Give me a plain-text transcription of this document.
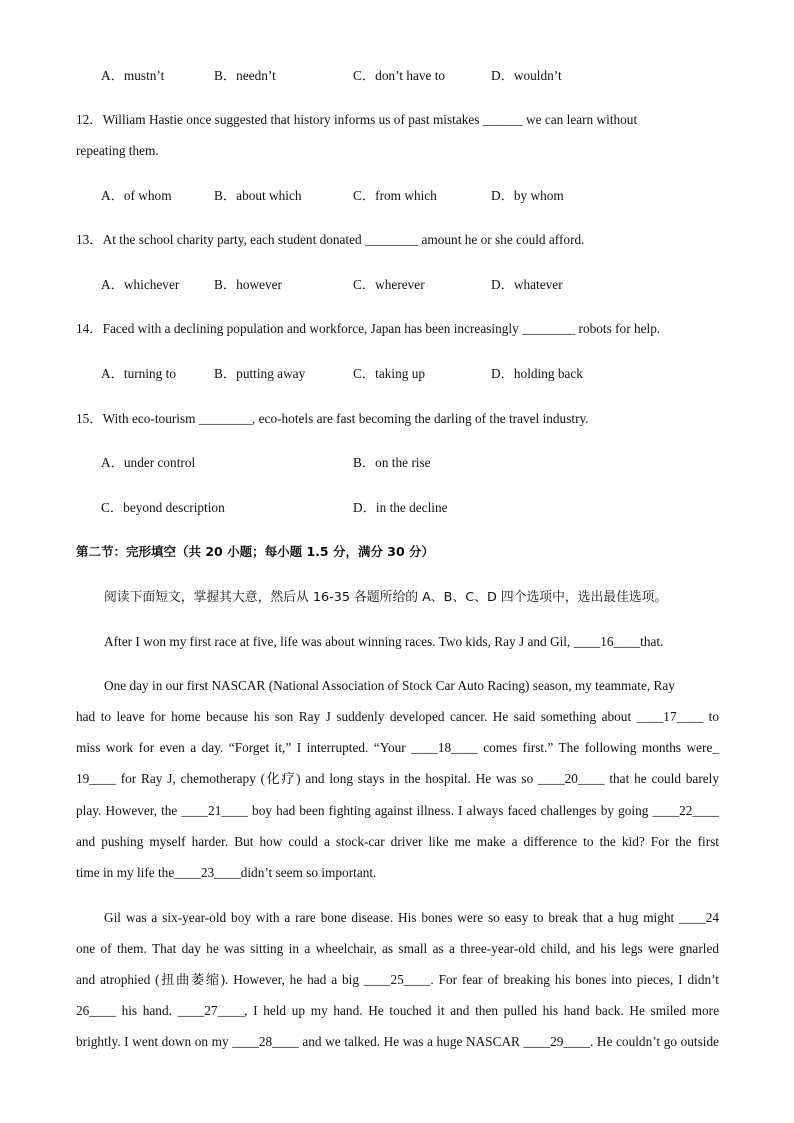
A．mustn’t	B．needn’t	C．don’t have to	D．wouldn’t
12．William Hastie once suggested that history informs us of past mistakes ______ we can learn without
repeating them.
A．of whom	B．about which	C．from which	D．by whom
13．At the school charity party, each student donated ________ amount he or she could afford.
A．whichever	B．however	C．wherever	D．whatever
14．Faced with a declining population and workforce, Japan has been increasingly ________ robots for help.
A．turning to	B．putting away	C．taking up	D．holding back
15．With eco-tourism ________, eco-hotels are fast becoming the darling of the travel industry.
A．under control	B．on the rise
C．beyond description	D．in the decline
第二节：完形填空（共 20 小题；每小题 1.5 分，满分 30 分）
阅读下面短文，掌握其大意，然后从 16-35 各题所给的 A、B、C、D 四个选项中，选出最佳选项。
After I won my first race at five, life was about winning races. Two kids, Ray J and Gil, ____16____that.
One day in our first NASCAR (National Association of Stock Car Auto Racing) season, my teammate, Ray
had to leave for home because his son Ray J suddenly developed cancer. He said something about ____17____ to
miss work for even a day. “Forget it,” I interrupted. “Your ____18____ comes first.” The following months were_
19____ for Ray J, chemotherapy (化疗) and long stays in the hospital. He was so ____20____ that he could barely
play. However, the ____21____ boy had been fighting against illness. I always faced challenges by going ____22____
and pushing myself harder. But how could a stock-car driver like me make a difference to the kid? For the first
time in my life the____23____didn’t seem so important.
Gil was a six-year-old boy with a rare bone disease. His bones were so easy to break that a hug might ____24
one of them. That day he was sitting in a wheelchair, as small as a three-year-old child, and his legs were gnarled
and atrophied (扭曲萎缩). However, he had a big ____25____. For fear of breaking his bones into pieces, I didn’t
26____ his hand. ____27____, I held up my hand. He touched it and then pulled his hand back. He smiled more
brightly. I went down on my ____28____ and we talked. He was a huge NASCAR ____29____. He couldn’t go outside
